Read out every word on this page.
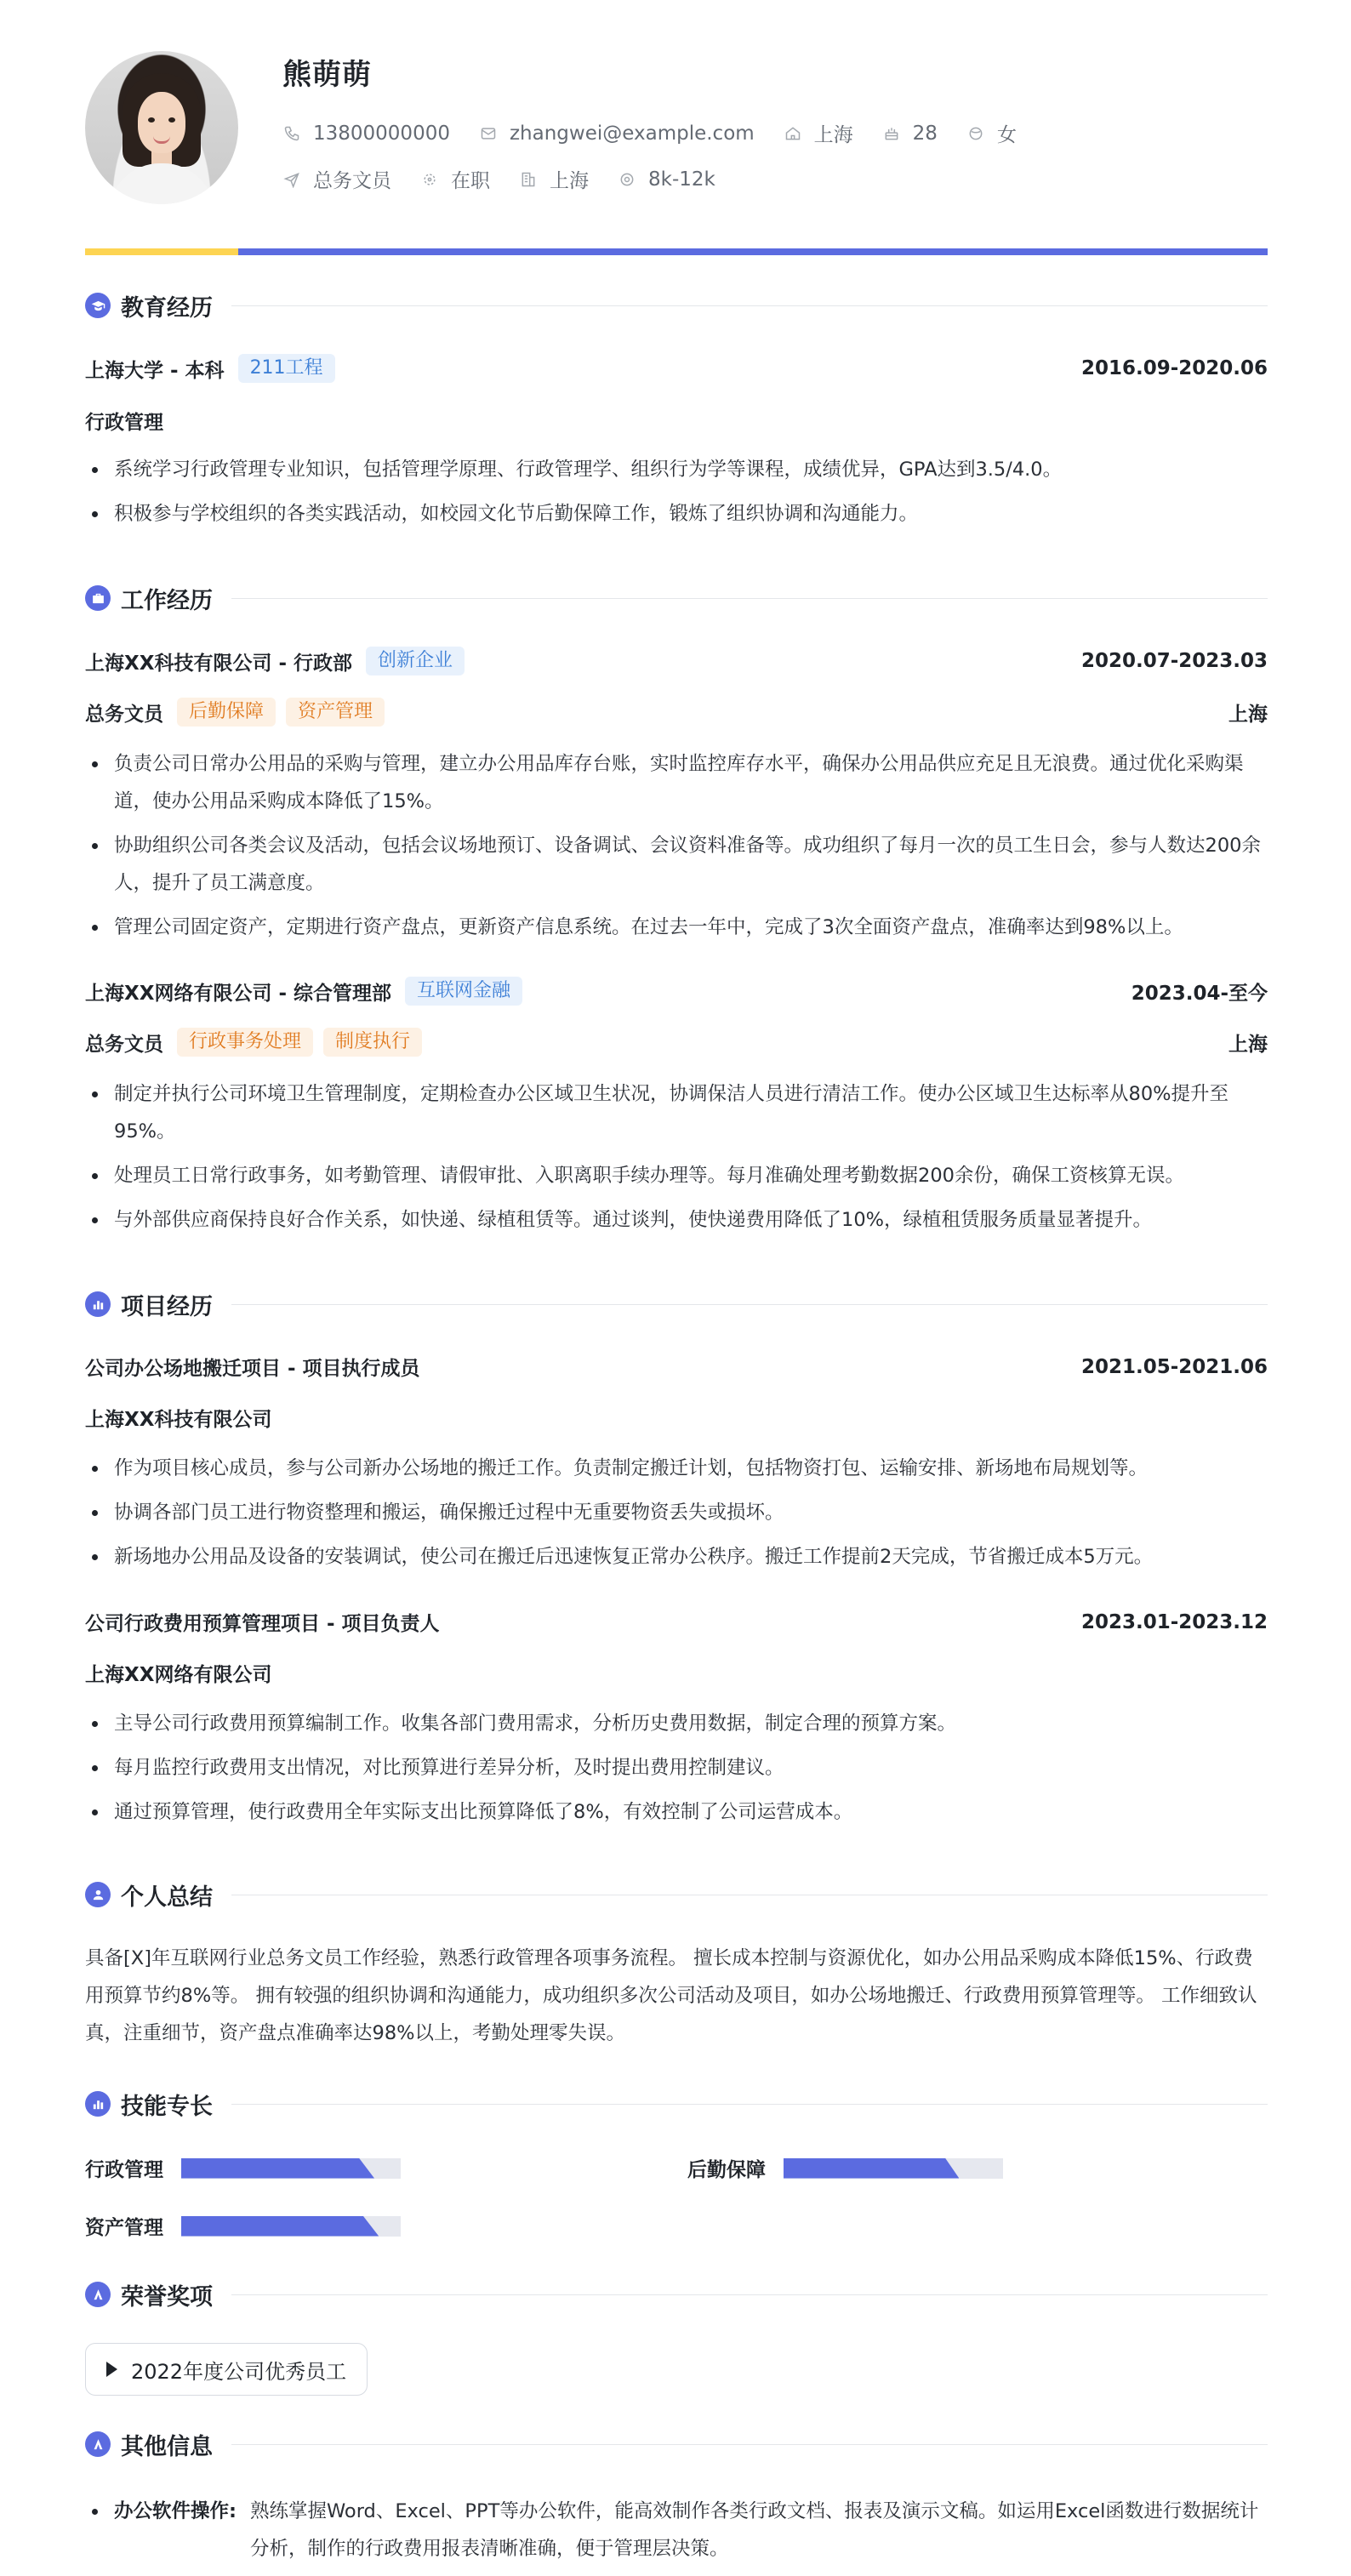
熊萌萌
13800000000	zhangwei@example.com	上海	28	女
总务文员	在职	上海	8k-12k
教育经历
上海大学 - 本科	211工程	2016.09-2020.06
行政管理
系统学习行政管理专业知识，包括管理学原理、行政管理学、组织行为学等课程，成绩优异，GPA达到3.5/4.0。
积极参与学校组织的各类实践活动，如校园文化节后勤保障工作，锻炼了组织协调和沟通能力。
工作经历
上海XX科技有限公司 - 行政部	创新企业	2020.07-2023.03
总务文员	后勤保障	资产管理	上海
负责公司日常办公用品的采购与管理，建立办公用品库存台账，实时监控库存水平，确保办公用品供应充足且无浪费。通过优化采购渠道，使办公用品采购成本降低了15%。
协助组织公司各类会议及活动，包括会议场地预订、设备调试、会议资料准备等。成功组织了每月一次的员工生日会，参与人数达200余人，提升了员工满意度。
管理公司固定资产，定期进行资产盘点，更新资产信息系统。在过去一年中，完成了3次全面资产盘点，准确率达到98%以上。
上海XX网络有限公司 - 综合管理部	互联网金融	2023.04-至今
总务文员	行政事务处理	制度执行	上海
制定并执行公司环境卫生管理制度，定期检查办公区域卫生状况，协调保洁人员进行清洁工作。使办公区域卫生达标率从80%提升至95%。
处理员工日常行政事务，如考勤管理、请假审批、入职离职手续办理等。每月准确处理考勤数据200余份，确保工资核算无误。
与外部供应商保持良好合作关系，如快递、绿植租赁等。通过谈判，使快递费用降低了10%，绿植租赁服务质量显著提升。
项目经历
公司办公场地搬迁项目 - 项目执行成员	2021.05-2021.06
上海XX科技有限公司
作为项目核心成员，参与公司新办公场地的搬迁工作。负责制定搬迁计划，包括物资打包、运输安排、新场地布局规划等。
协调各部门员工进行物资整理和搬运，确保搬迁过程中无重要物资丢失或损坏。
新场地办公用品及设备的安装调试，使公司在搬迁后迅速恢复正常办公秩序。搬迁工作提前2天完成，节省搬迁成本5万元。
公司行政费用预算管理项目 - 项目负责人	2023.01-2023.12
上海XX网络有限公司
主导公司行政费用预算编制工作。收集各部门费用需求，分析历史费用数据，制定合理的预算方案。
每月监控行政费用支出情况，对比预算进行差异分析，及时提出费用控制建议。
通过预算管理，使行政费用全年实际支出比预算降低了8%，有效控制了公司运营成本。
个人总结
具备[X]年互联网行业总务文员工作经验，熟悉行政管理各项事务流程。 擅长成本控制与资源优化，如办公用品采购成本降低15%、行政费用预算节约8%等。 拥有较强的组织协调和沟通能力，成功组织多次公司活动及项目，如办公场地搬迁、行政费用预算管理等。 工作细致认真，注重细节，资产盘点准确率达98%以上，考勤处理零失误。
技能专长
行政管理	后勤保障
资产管理
荣誉奖项
2022年度公司优秀员工
其他信息
办公软件操作: 熟练掌握Word、Excel、PPT等办公软件，能高效制作各类行政文档、报表及演示文稿。如运用Excel函数进行数据统计分析，制作的行政费用报表清晰准确，便于管理层决策。
